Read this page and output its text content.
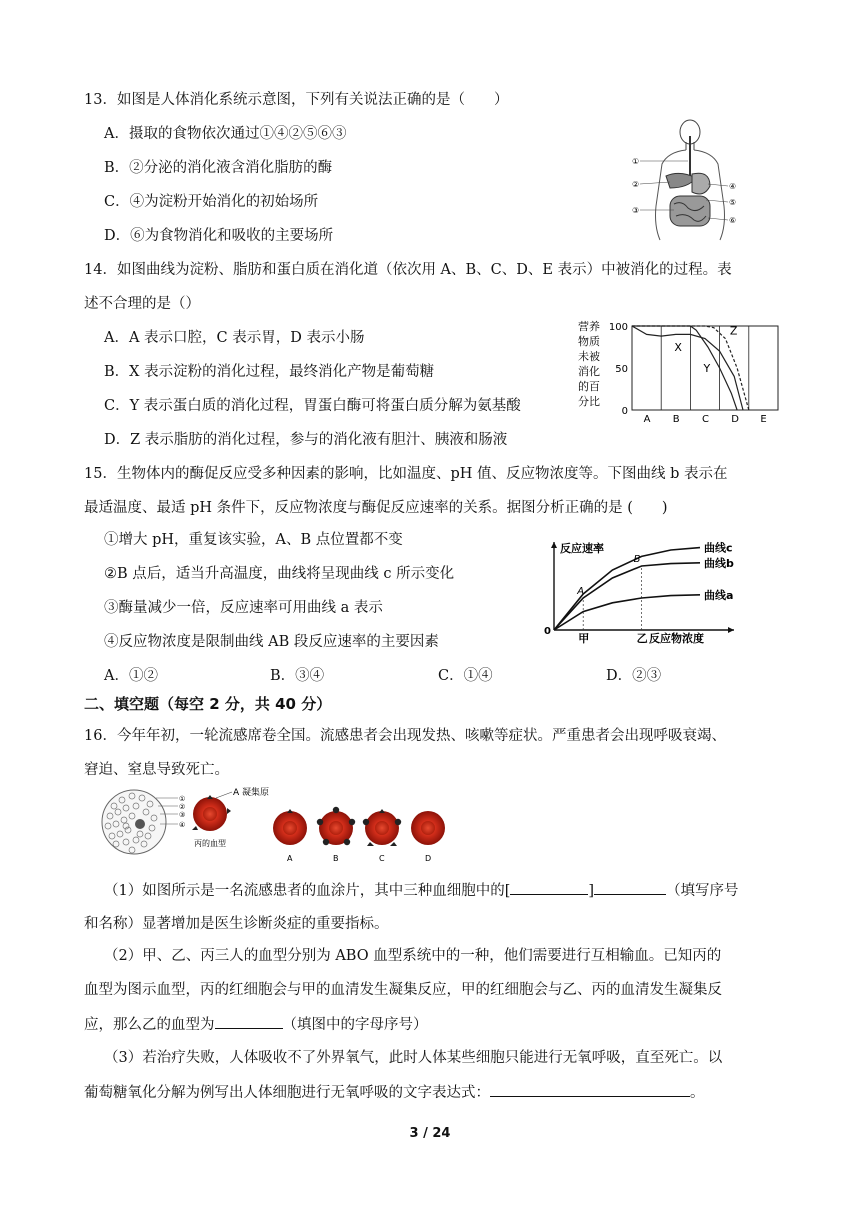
13．如图是人体消化系统示意图，下列有关说法正确的是（　　）
A．摄取的食物依次通过①④②⑤⑥③
B．②分泌的消化液含消化脂肪的酶
C．④为淀粉开始消化的初始场所
D．⑥为食物消化和吸收的主要场所
①
②
③
④
⑤
⑥
14．如图曲线为淀粉、脂肪和蛋白质在消化道（依次用 A、B、C、D、E 表示）中被消化的过程。表
述不合理的是（）
A．A 表示口腔，C 表示胃，D 表示小肠
B．X 表示淀粉的消化过程，最终消化产物是葡萄糖
C．Y 表示蛋白质的消化过程，胃蛋白酶可将蛋白质分解为氨基酸
D．Z 表示脂肪的消化过程，参与的消化液有胆汁、胰液和肠液
营养
物质
未被
消化
的百
分比
A B C D E
0
50
100
X
Y
Z
15．生物体内的酶促反应受多种因素的影响，比如温度、pH 值、反应物浓度等。下图曲线 b 表示在
最适温度、最适 pH 条件下，反应物浓度与酶促反应速率的关系。据图分析正确的是 (　　)
①增大 pH，重复该实验，A、B 点位置都不变
②B 点后，适当升高温度，曲线将呈现曲线 c 所示变化
③酶量减少一倍，反应速率可用曲线 a 表示
④反应物浓度是限制曲线 AB 段反应速率的主要因素
A．①②	B．③④	C．①④	D．②③
反应速率
反应物浓度
0
甲	乙
曲线c
曲线b
曲线a
A
B
二、填空题（每空 2 分，共 40 分）
16．今年年初，一轮流感席卷全国。流感患者会出现发热、咳嗽等症状。严重患者会出现呼吸衰竭、
窘迫、窒息导致死亡。
①
②
③
④
A 凝集原
丙的血型
A	B	C	D
（1）如图所示是一名流感患者的血涂片，其中三种血细胞中的[	]	（填写序号
和名称）显著增加是医生诊断炎症的重要指标。
（2）甲、乙、丙三人的血型分别为 ABO 血型系统中的一种，他们需要进行互相输血。已知丙的
血型为图示血型，丙的红细胞会与甲的血清发生凝集反应，甲的红细胞会与乙、丙的血清发生凝集反
应，那么乙的血型为	（填图中的字母序号）
（3）若治疗失败，人体吸收不了外界氧气，此时人体某些细胞只能进行无氧呼吸，直至死亡。以
葡萄糖氧化分解为例写出人体细胞进行无氧呼吸的文字表达式：	。
3 / 24
